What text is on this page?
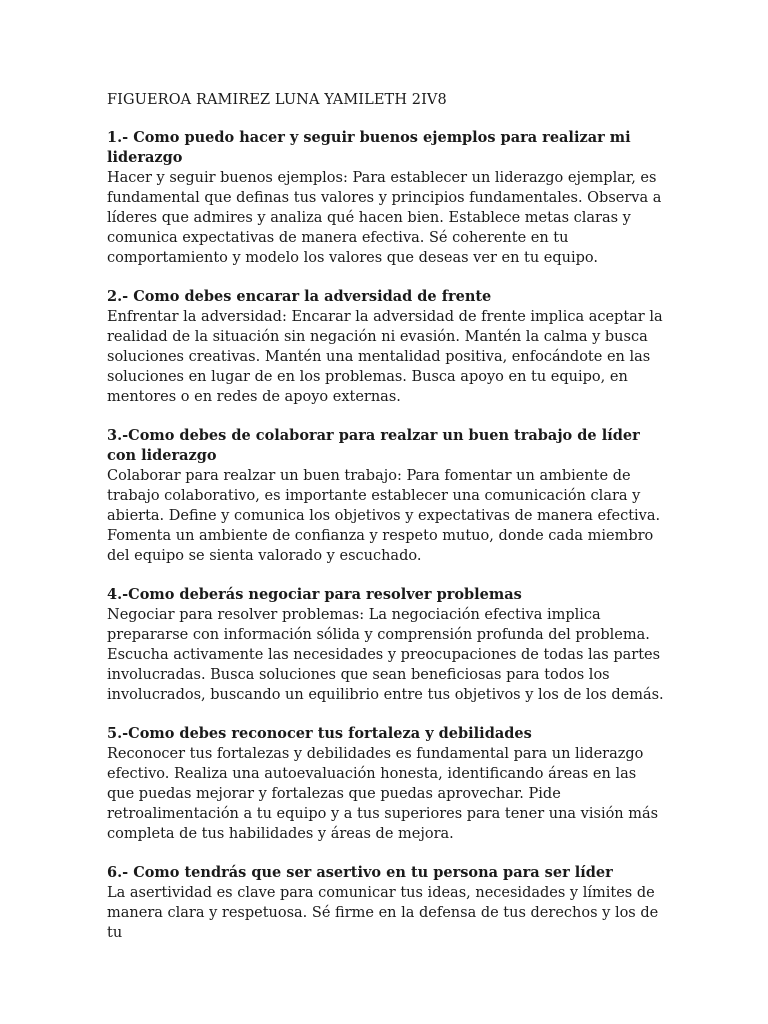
FIGUEROA RAMIREZ LUNA YAMILETH 2IV8

1.- Como puedo hacer y seguir buenos ejemplos para realizar mi liderazgo

Hacer y seguir buenos ejemplos: Para establecer un liderazgo ejemplar, es fundamental que definas tus valores y principios fundamentales. Observa a líderes que admires y analiza qué hacen bien. Establece metas claras y comunica expectativas de manera efectiva. Sé coherente en tu comportamiento y modelo los valores que deseas ver en tu equipo.

2.- Como debes encarar la adversidad de frente

Enfrentar la adversidad: Encarar la adversidad de frente implica aceptar la realidad de la situación sin negación ni evasión. Mantén la calma y busca soluciones creativas. Mantén una mentalidad positiva, enfocándote en las soluciones en lugar de en los problemas. Busca apoyo en tu equipo, en mentores o en redes de apoyo externas.

3.-Como debes de colaborar para realzar un buen trabajo de líder con liderazgo

Colaborar para realzar un buen trabajo: Para fomentar un ambiente de trabajo colaborativo, es importante establecer una comunicación clara y abierta. Define y comunica los objetivos y expectativas de manera efectiva. Fomenta un ambiente de confianza y respeto mutuo, donde cada miembro del equipo se sienta valorado y escuchado.

4.-Como deberás negociar para resolver problemas

Negociar para resolver problemas: La negociación efectiva implica prepararse con información sólida y comprensión profunda del problema. Escucha activamente las necesidades y preocupaciones de todas las partes involucradas. Busca soluciones que sean beneficiosas para todos los involucrados, buscando un equilibrio entre tus objetivos y los de los demás.

5.-Como debes reconocer tus fortaleza y debilidades

Reconocer tus fortalezas y debilidades es fundamental para un liderazgo efectivo. Realiza una autoevaluación honesta, identificando áreas en las que puedas mejorar y fortalezas que puedas aprovechar. Pide retroalimentación a tu equipo y a tus superiores para tener una visión más completa de tus habilidades y áreas de mejora.

6.- Como tendrás que ser asertivo en tu persona para ser líder

La asertividad es clave para comunicar tus ideas, necesidades y límites de manera clara y respetuosa. Sé firme en la defensa de tus derechos y los de tu
